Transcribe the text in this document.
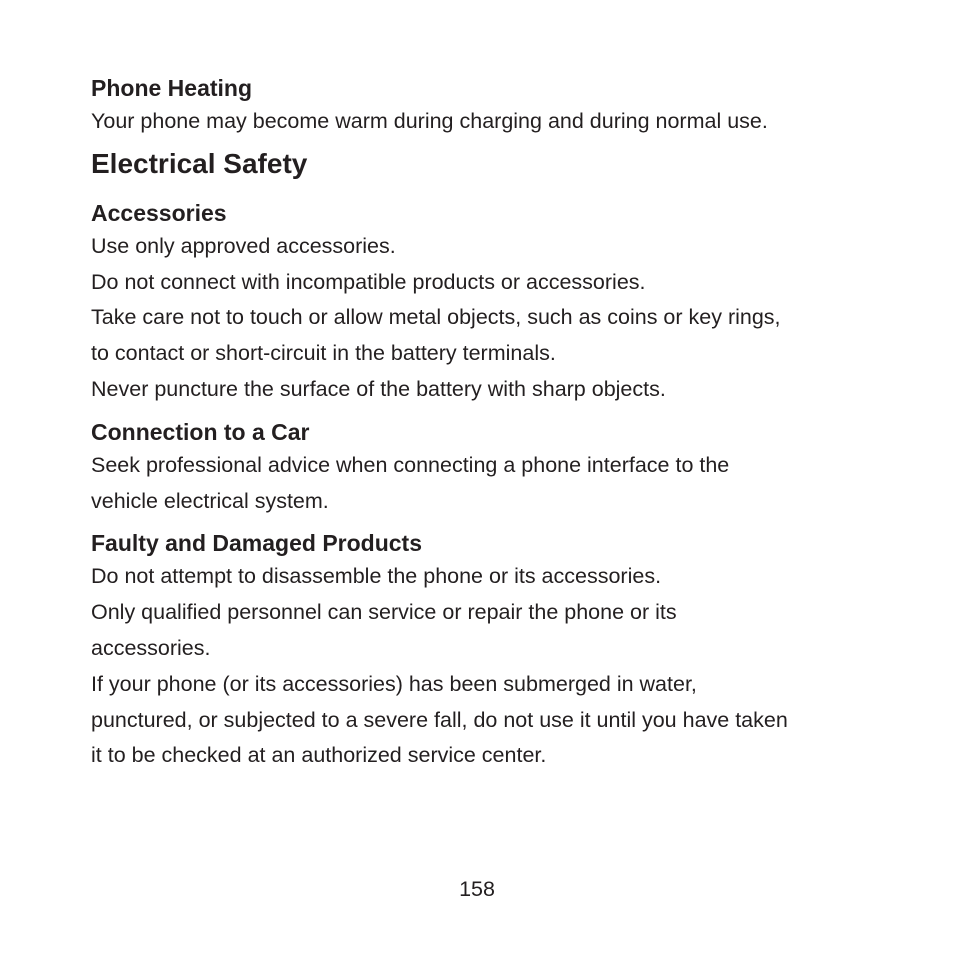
Phone Heating

Your phone may become warm during charging and during normal use.

Electrical Safety
Accessories

Use only approved accessories.

Do not connect with incompatible products or accessories.

Take care not to touch or allow metal objects, such as coins or key rings,

to contact or short-circuit in the battery terminals.

Never puncture the surface of the battery with sharp objects.

Connection to a Car

Seek professional advice when connecting a phone interface to the

vehicle electrical system.

Faulty and Damaged Products

Do not attempt to disassemble the phone or its accessories.

Only qualified personnel can service or repair the phone or its

accessories.

If your phone (or its accessories) has been submerged in water,

punctured, or subjected to a severe fall, do not use it until you have taken

it to be checked at an authorized service center.

158
